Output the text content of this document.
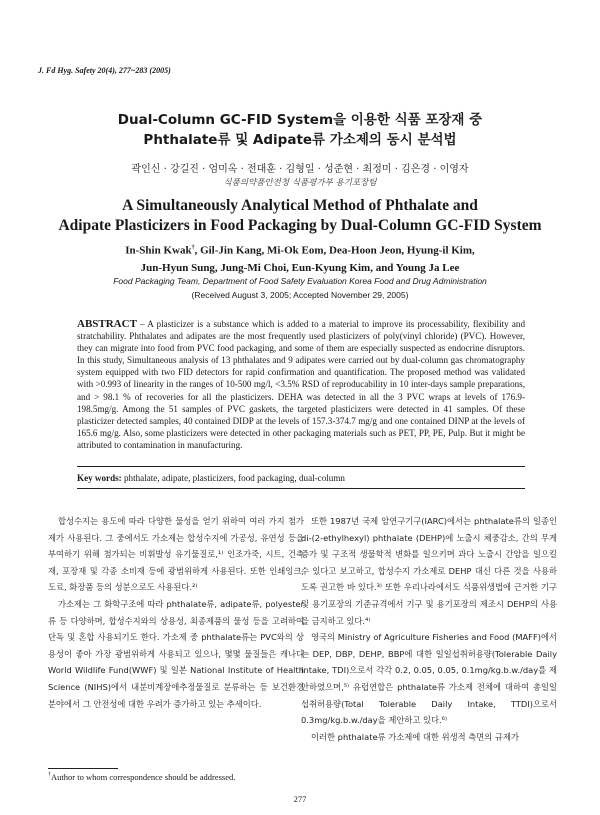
J. Fd Hyg. Safety 20(4), 277~283 (2005)
Dual-Column GC-FID System을 이용한 식품 포장재 중
Phthalate류 및 Adipate류 가소제의 동시 분석법
곽인신 · 강길진 · 엄미옥 · 전대훈 · 김형일 · 성준현 · 최정미 · 김은경 · 이영자
식품의약품안전청 식품평가부 용기포장팀
A Simultaneously Analytical Method of Phthalate and
Adipate Plasticizers in Food Packaging by Dual-Column GC-FID System
In-Shin Kwak†, Gil-Jin Kang, Mi-Ok Eom, Dea-Hoon Jeon, Hyung-il Kim,
Jun-Hyun Sung, Jung-Mi Choi, Eun-Kyung Kim, and Young Ja Lee
Food Packaging Team, Department of Food Safety Evaluation Korea Food and Drug Administration
(Received August 3, 2005; Accepted November 29, 2005)
ABSTRACT – A plasticizer is a substance which is added to a material to improve its processability, flexibility and stratchability. Phthalates and adipates are the most frequently used plasticizers of poly(vinyl chloride) (PVC). However, they can migrate into food from PVC food packaging, and some of them are especially suspected as endocrine disruptors. In this study, Simultaneous analysis of 13 phthalates and 9 adipates were carried out by dual-column gas chromatography system equipped with two FID detectors for rapid confirmation and quantification. The proposed method was validated with >0.993 of linearity in the ranges of 10-500 mg/l, <3.5% RSD of reproducability in 10 inter-days sample preparations, and > 98.1 % of recoveries for all the plasticizers. DEHA was detected in all the 3 PVC wraps at levels of 176.9-198.5mg/g. Among the 51 samples of PVC gaskets, the targeted plasticizers were detected in 41 samples. Of these plasticizer detected samples, 40 contained DIDP at the levels of 157.3-374.7 mg/g and one contained DINP at the levels of 165.6 mg/g. Also, some plasticizers were detected in other packaging materials such as PET, PP, PE, Pulp. But it might be attributed to contamination in manufacturing.
Key words: phthalate, adipate, plasticizers, food packaging, dual-column

합성수지는 용도에 따라 다양한 물성을 얻기 위하여 여러 가지 첨가제가 사용된다. 그 중에서도 가소제는 합성수지에 가공성, 유연성 등을 부여하기 위해 첨가되는 비휘발성 유기물질로,¹⁾ 인조가죽, 시트, 건축재, 포장재 및 각종 소비재 등에 광범위하게 사용된다. 또한 인쇄잉크, 도료, 화장품 등의 성분으로도 사용된다.²⁾

가소제는 그 화학구조에 따라 phthalate류, adipate류, polyester류 등 다양하며, 합성수지와의 상용성, 최종제품의 물성 등을 고려하여 단독 및 혼합 사용되기도 한다. 가소제 중 phthalate류는 PVC와의 상용성이 좋아 가장 광범위하게 사용되고 있으나, 몇몇 물질들은 캐나다 World Wildlife Fund(WWF) 및 일본 National Institute of Health Science (NIHS)에서 내분비계장애추정물질로 분류하는 등 보건환경 분야에서 그 안전성에 대한 우려가 증가하고 있는 추세이다.

또한 1987년 국제 암연구기구(IARC)에서는 phthalate류의 일종인 di-(2-ethylhexyl) phthalate (DEHP)에 노출시 체중감소, 간의 무게 증가 및 구조적 생물학적 변화를 일으키며 과다 노출시 간암을 일으킬 수 있다고 보고하고, 합성수지 가소제로 DEHP 대신 다른 것을 사용하도록 권고한 바 있다.³⁾ 또한 우리나라에서도 식품위생법에 근거한 기구 및 용기포장의 기준규격에서 기구 및 용기포장의 제조시 DEHP의 사용을 금지하고 있다.⁴⁾

영국의 Ministry of Agriculture Fisheries and Food (MAFF)에서는 DEP, DBP, DEHP, BBP에 대한 일일섭취허용량(Tolerable Daily Intake, TDI)으로서 각각 0.2, 0.05, 0.05, 0.1mg/kg.b.w./day를 제안하였으며,⁵⁾ 유럽연합은 phthalate류 가소제 전체에 대하여 총일일섭취허용량(Total Tolerable Daily Intake, TTDI)으로서 0.3mg/kg.b.w./day을 제안하고 있다.⁶⁾

이러한 phthalate류 가소제에 대한 위생적 측면의 규제가

†Author to whom correspondence should be addressed.
277
